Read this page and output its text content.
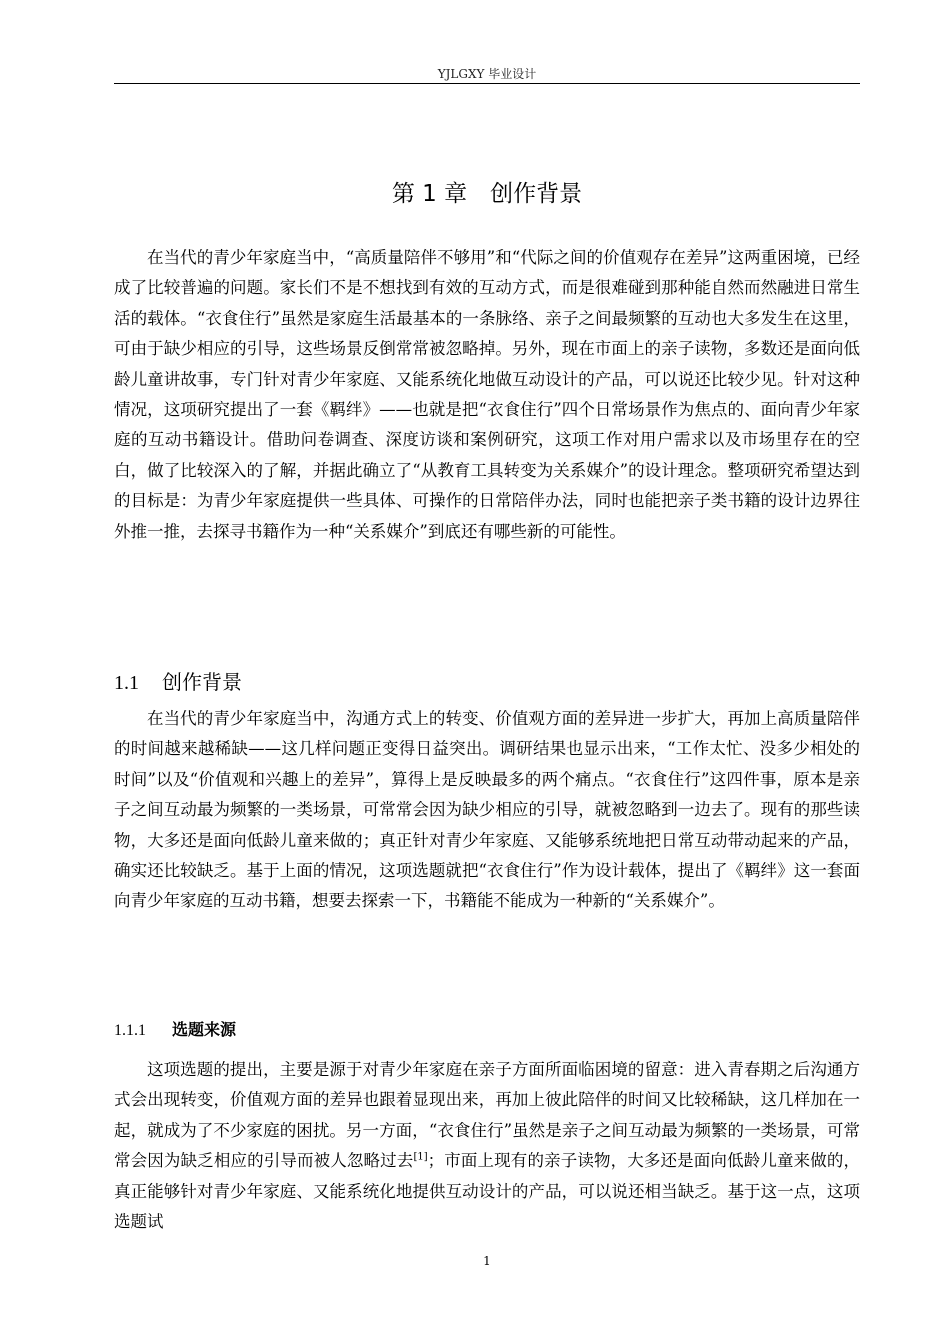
YJLGXY 毕业设计
第 1 章　创作背景

在当代的青少年家庭当中，“高质量陪伴不够用”和“代际之间的价值观存在差异”这两重困境，已经成了比较普遍的问题。家长们不是不想找到有效的互动方式，而是很难碰到那种能自然而然融进日常生活的载体。“衣食住行”虽然是家庭生活最基本的一条脉络、亲子之间最频繁的互动也大多发生在这里，可由于缺少相应的引导，这些场景反倒常常被忽略掉。另外，现在市面上的亲子读物，多数还是面向低龄儿童讲故事，专门针对青少年家庭、又能系统化地做互动设计的产品，可以说还比较少见。针对这种情况，这项研究提出了一套《羁绊》——也就是把“衣食住行”四个日常场景作为焦点的、面向青少年家庭的互动书籍设计。借助问卷调查、深度访谈和案例研究，这项工作对用户需求以及市场里存在的空白，做了比较深入的了解，并据此确立了“从教育工具转变为关系媒介”的设计理念。整项研究希望达到的目标是：为青少年家庭提供一些具体、可操作的日常陪伴办法，同时也能把亲子类书籍的设计边界往外推一推，去探寻书籍作为一种“关系媒介”到底还有哪些新的可能性。

1.1 创作背景

在当代的青少年家庭当中，沟通方式上的转变、价值观方面的差异进一步扩大，再加上高质量陪伴的时间越来越稀缺——这几样问题正变得日益突出。调研结果也显示出来，“工作太忙、没多少相处的时间”以及“价值观和兴趣上的差异”，算得上是反映最多的两个痛点。“衣食住行”这四件事，原本是亲子之间互动最为频繁的一类场景，可常常会因为缺少相应的引导，就被忽略到一边去了。现有的那些读物，大多还是面向低龄儿童来做的；真正针对青少年家庭、又能够系统地把日常互动带动起来的产品，确实还比较缺乏。基于上面的情况，这项选题就把“衣食住行”作为设计载体，提出了《羁绊》这一套面向青少年家庭的互动书籍，想要去探索一下，书籍能不能成为一种新的“关系媒介”。

1.1.1 选题来源

这项选题的提出，主要是源于对青少年家庭在亲子方面所面临困境的留意：进入青春期之后沟通方式会出现转变，价值观方面的差异也跟着显现出来，再加上彼此陪伴的时间又比较稀缺，这几样加在一起，就成为了不少家庭的困扰。另一方面，“衣食住行”虽然是亲子之间互动最为频繁的一类场景，可常常会因为缺乏相应的引导而被人忽略过去[1]；市面上现有的亲子读物，大多还是面向低龄儿童来做的，真正能够针对青少年家庭、又能系统化地提供互动设计的产品，可以说还相当缺乏。基于这一点，这项选题试

1
